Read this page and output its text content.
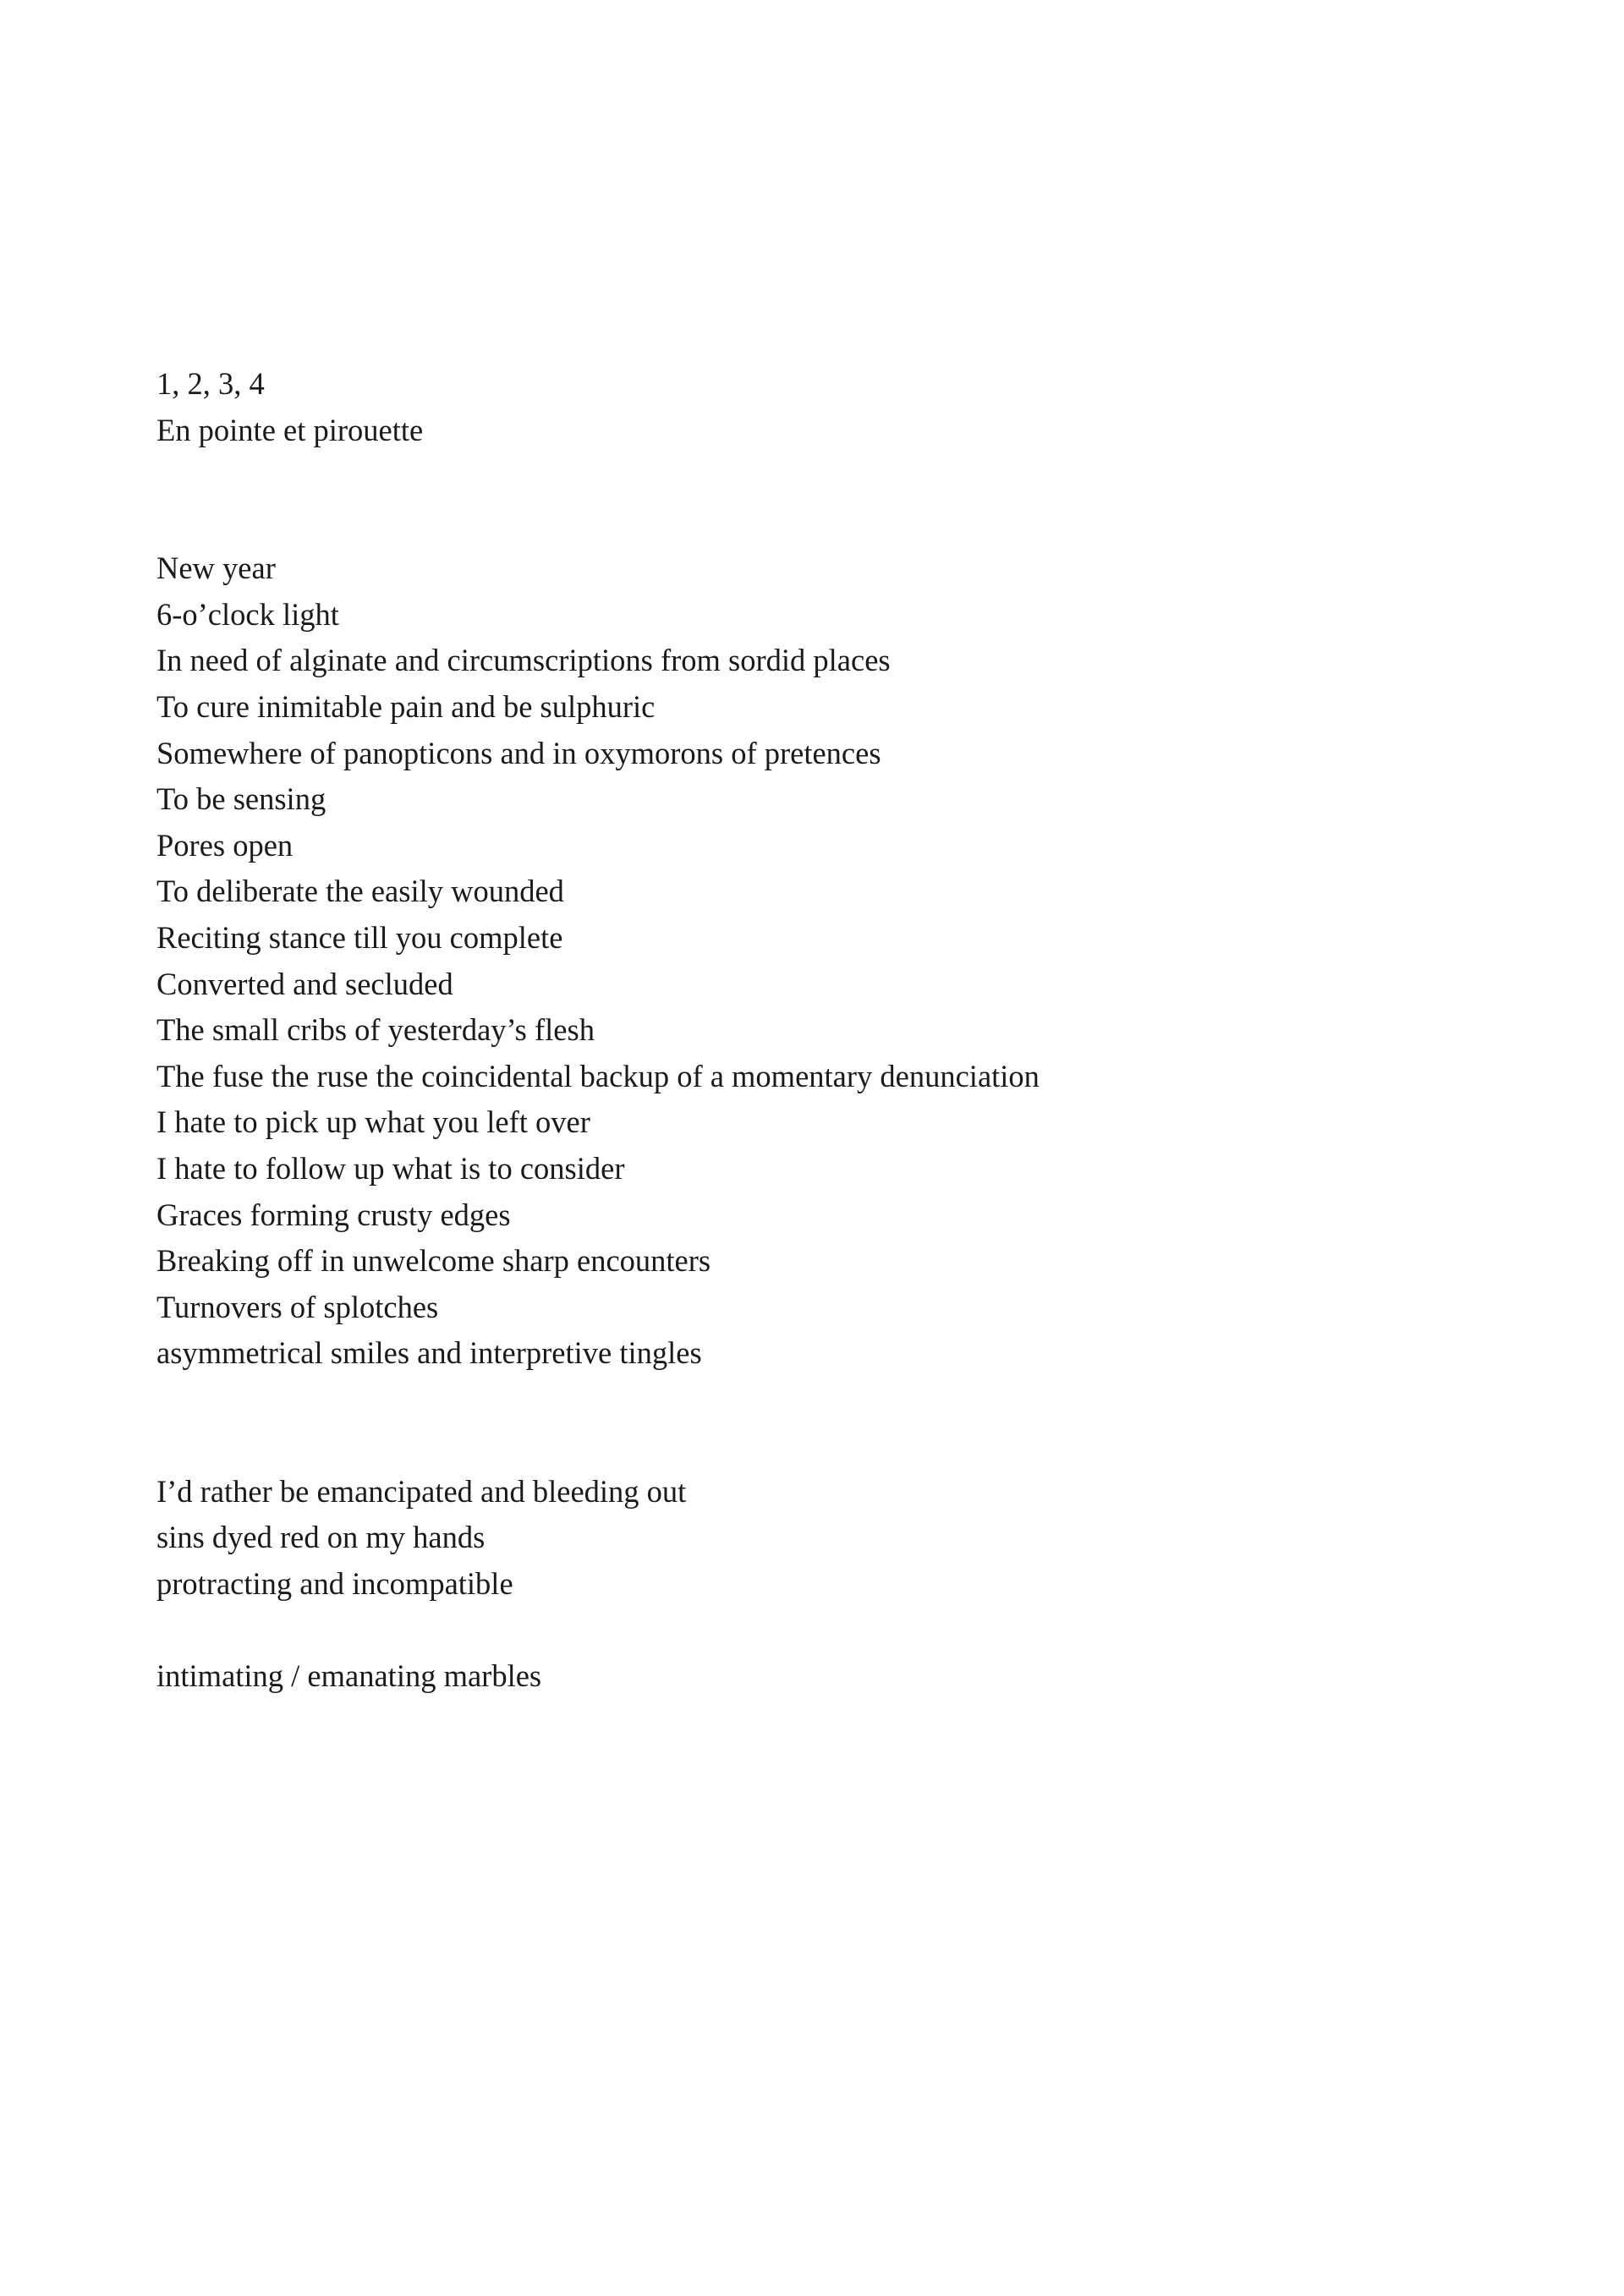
1, 2, 3, 4
En pointe et pirouette
New year
6-o’clock light
In need of alginate and circumscriptions from sordid places
To cure inimitable pain and be sulphuric
Somewhere of panopticons and in oxymorons of pretences
To be sensing
Pores open
To deliberate the easily wounded
Reciting stance till you complete
Converted and secluded
The small cribs of yesterday’s flesh
The fuse the ruse the coincidental backup of a momentary denunciation
I hate to pick up what you left over
I hate to follow up what is to consider
Graces forming crusty edges
Breaking off in unwelcome sharp encounters
Turnovers of splotches
asymmetrical smiles and interpretive tingles
I’d rather be emancipated and bleeding out
sins dyed red on my hands
protracting and incompatible
intimating / emanating marbles
